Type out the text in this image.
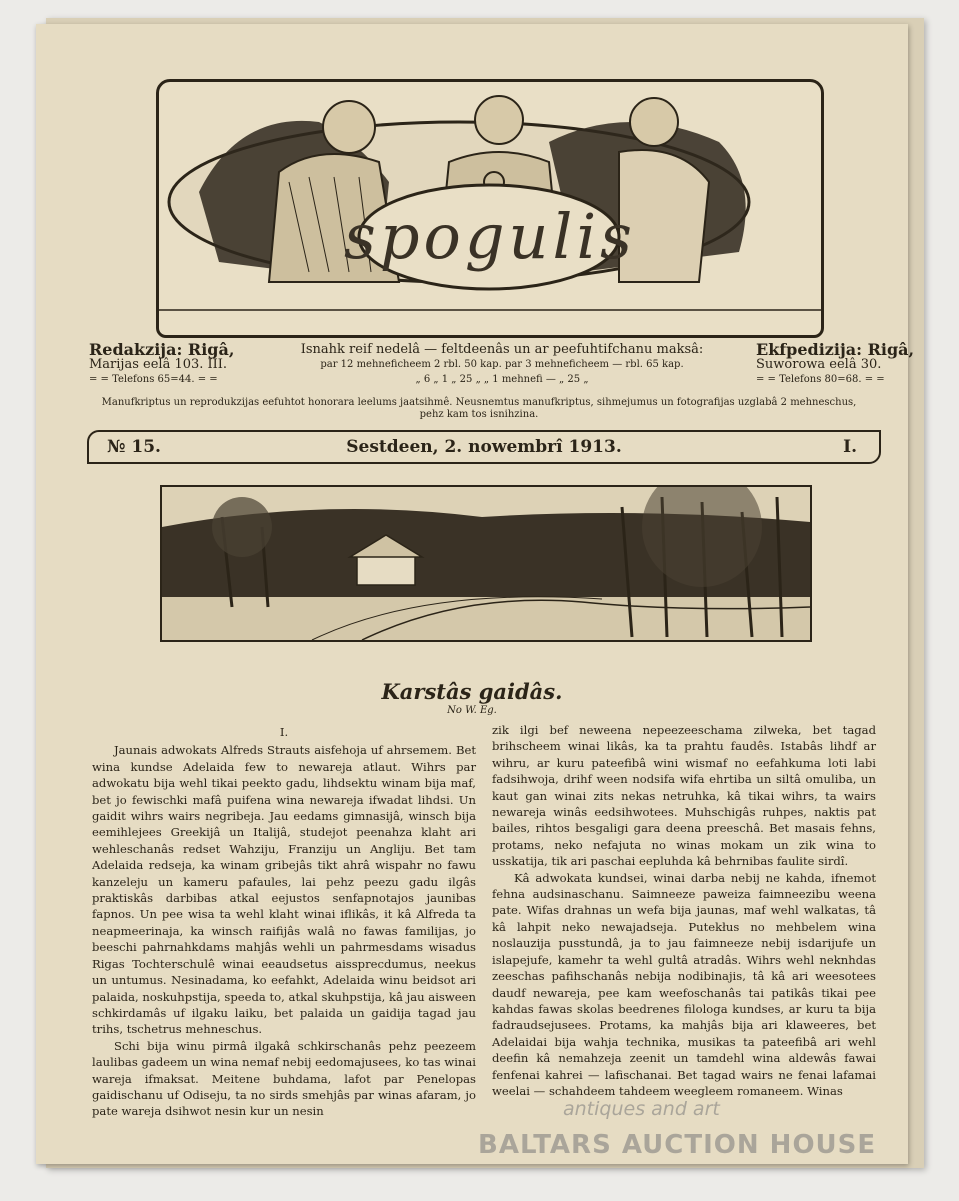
spogulis
Redakzija: Rigâ,
Marijas eelâ 103. III.
= = Telefons 65=44. = =
Isnahk reif nedelâ — feltdeenâs un ar peefuhtifchanu maksâ:
par 12 mehneficheem 2 rbl. 50 kap. par 3 mehneficheem — rbl. 65 kap.
„ 6 „ 1 „ 25 „ „ 1 mehnefi — „ 25 „
Ekfpedizija: Rigâ,
Suworowa eelâ 30.
= = Telefons 80=68. = =
Manufkriptus un reprodukzijas eefuhtot honorara leelums jaatsihmê. Neusnemtus manufkriptus, sihmejumus un fotografijas uzglabâ 2 mehneschus, pehz kam tos isnihzina.
№ 15.	Sestdeen, 2. nowembrî 1913.	I.
Karstâs gaidâs.
No W. Eg.

I.

Jaunais adwokats Alfreds Strauts aisfehoja uf ahrsemem. Bet wina kundse Adelaida few to newareja atlaut. Wihrs par adwokatu bija wehl tikai peekto gadu, lihdsektu winam bija maf, bet jo fewischki mafâ puifena wina newareja ifwadat lihdsi. Un gaidit wihrs wairs negribeja. Jau eedams gimnasijâ, winsch bija eemihlejees Greekijâ un Italijâ, studejot peenahza klaht ari wehleschanâs redset Wahziju, Franziju un Angliju. Bet tam Adelaida redseja, ka winam gribejâs tikt ahrâ wispahr no fawu kanzeleju un kameru pafaules, lai pehz peezu gadu ilgâs praktiskâs darbibas atkal eejustos senfapnotajos jaunibas fapnos. Un pee wisa ta wehl klaht winai iflikâs, it kâ Alfreda ta neapmeerinaja, ka winsch raifijâs walâ no fawas familijas, jo beeschi pahrnahkdams mahjâs wehli un pahrmesdams wisadus Rigas Tochterschulê winai eeaudsetus aissprecdumus, neekus un untumus. Nesinadama, ko eefahkt, Adelaida winu beidsot ari palaida, noskuhpstija, speeda to, atkal skuhpstija, kâ jau aisween schkirdamâs uf ilgaku laiku, bet palaida un gaidija tagad jau trihs, tschetrus mehneschus.

Schi bija winu pirmâ ilgakâ schkirschanâs pehz peezeem laulibas gadeem un wina nemaf nebij eedomajusees, ko tas winai wareja ifmaksat. Meitene buhdama, lafot par Penelopas gaidischanu uf Odiseju, ta no sirds smehjâs par winas afaram, jo pate wareja dsihwot nesin kur un nesin

zik ilgi bef neweena nepeezeeschama zilweka, bet tagad brihscheem winai likâs, ka ta prahtu faudês. Istabâs lihdf ar wihru, ar kuru pateefibâ wini wismaf no eefahkuma loti labi fadsihwoja, drihf ween nodsifa wifa ehrtiba un siltâ omuliba, un kaut gan winai zits nekas netruhka, kâ tikai wihrs, ta wairs newareja winâs eedsihwotees. Muhschigâs ruhpes, naktis pat bailes, rihtos besgaligi gara deena preeschâ. Bet masais fehns, protams, neko nefajuta no winas mokam un zik wina to usskatija, tik ari paschai eepluhda kâ behrnibas faulite sirdî.

Kâ adwokata kundsei, winai darba nebij ne kahda, ifnemot fehna audsinaschanu. Saimneeze paweiza faimneezibu weena pate. Wifas drahnas un wefa bija jaunas, maf wehl walkatas, tâ kâ lahpit neko newajadseja. Putekłus no mehbelem wina noslauzija pusstundâ, ja to jau faimneeze nebij isdarijufe un islapejufe, kamehr ta wehl gultâ atradâs. Wihrs wehl neknhdas zeeschas pafihschanâs nebija nodibinajis, tâ kâ ari weesotees daudf newareja, pee kam weefoschanâs tai patikâs tikai pee kahdas fawas skolas beedrenes filologa kundses, ar kuru ta bija fadraudsejusees. Protams, ka mahjâs bija ari klaweeres, bet Adelaidai bija wahja technika, musikas ta pateefibâ ari wehl deefin kâ nemahzeja zeenit un tamdehl wina aldewâs fawai fenfenai kahrei — lafischanai. Bet tagad wairs ne fenai lafamai weelai — schahdeem tahdeem weegleem romaneem. Winas

antiques and art
BALTARS AUCTION HOUSE
